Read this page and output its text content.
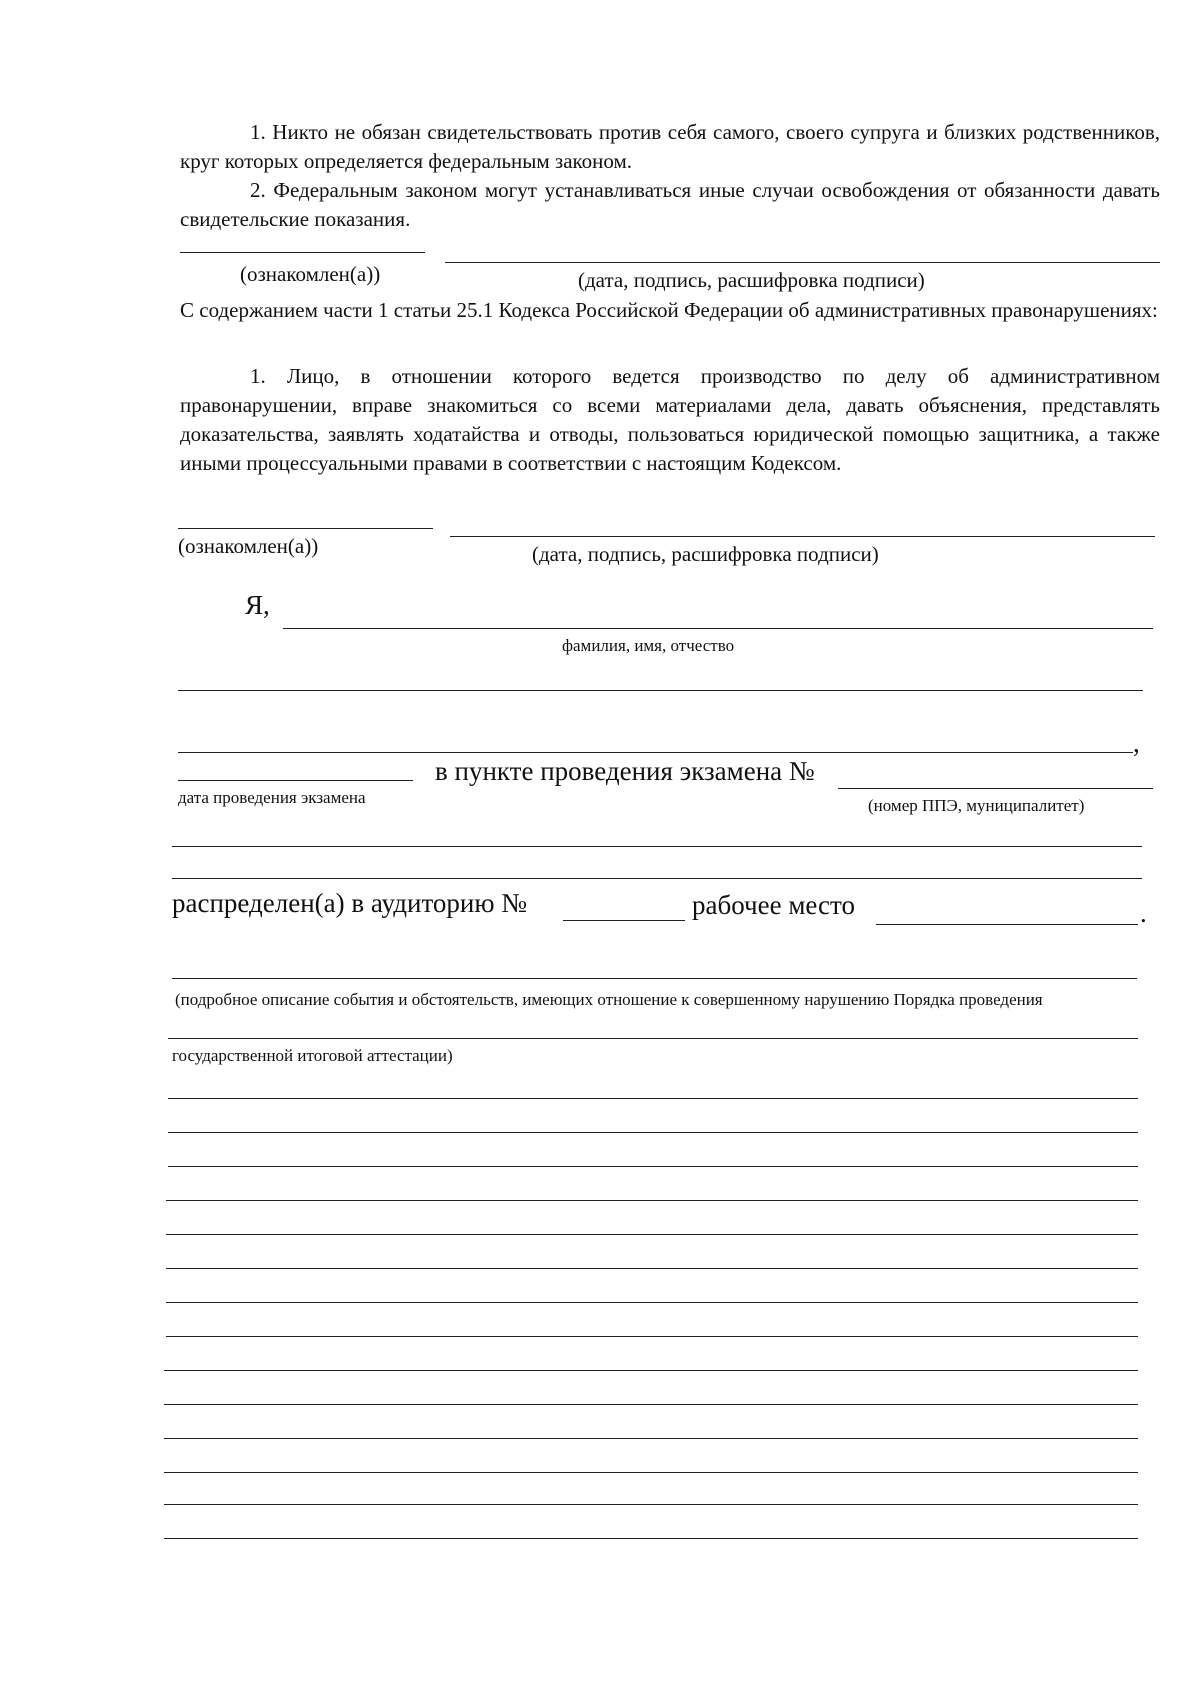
1. Никто не обязан свидетельствовать против себя самого, своего супруга и близких родственников, круг которых определяется федеральным законом.
2. Федеральным законом могут устанавливаться иные случаи освобождения от обязанности давать свидетельские показания.
(ознакомлен(а))	(дата, подпись, расшифровка подписи)
С содержанием части 1 статьи 25.1 Кодекса Российской Федерации об административных правонарушениях:
1. Лицо, в отношении которого ведется производство по делу об административном правонарушении, вправе знакомиться со всеми материалами дела, давать объяснения, представлять доказательства, заявлять ходатайства и отводы, пользоваться юридической помощью защитника, а также иными процессуальными правами в соответствии с настоящим Кодексом.
(ознакомлен(а))	(дата, подпись, расшифровка подписи)
Я,
фамилия, имя, отчество
,
в пункте проведения экзамена №
дата проведения экзамена	(номер ППЭ, муниципалитет)
распределен(а) в аудиторию №	рабочее место	.
(подробное описание события и обстоятельств, имеющих отношение к совершенному нарушению Порядка проведения
государственной итоговой аттестации)
